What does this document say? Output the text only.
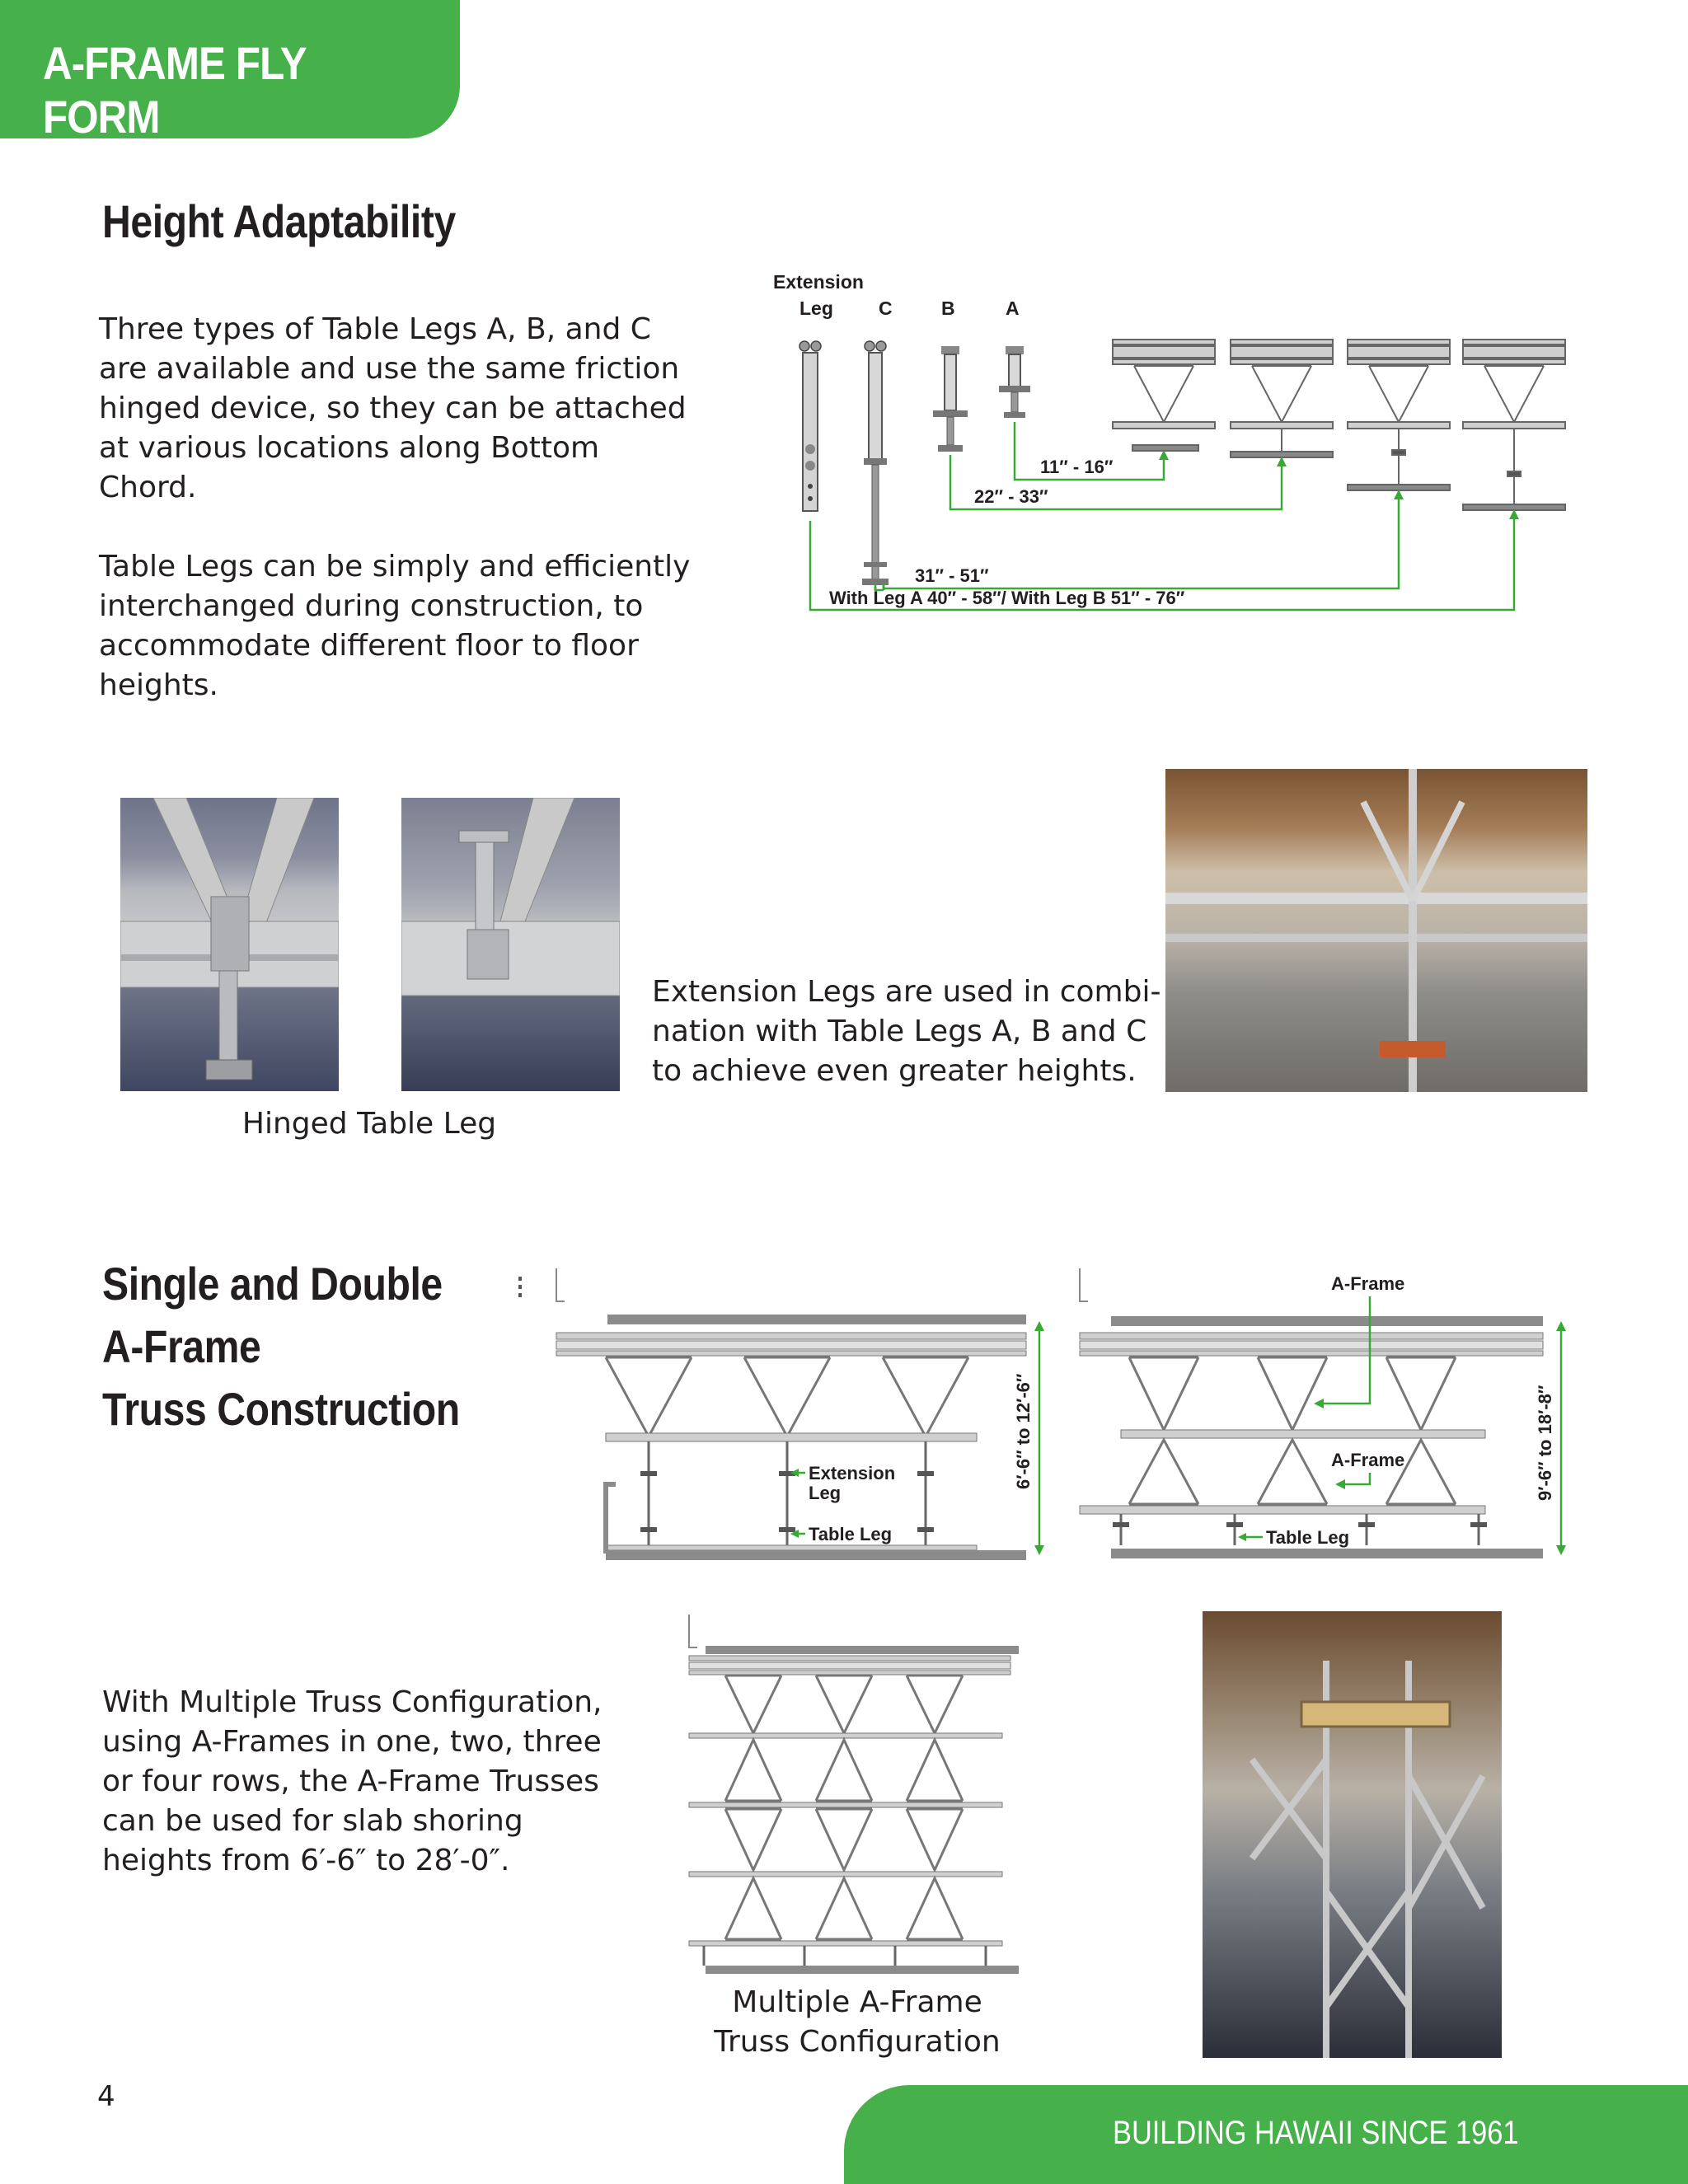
A-FRAME FLY FORM
Height Adaptability
Three types of Table Legs A, B, and C
are available and use the same friction
hinged device, so they can be attached
at various locations along Bottom
Chord.
Table Legs can be simply and efficiently
interchanged during construction, to
accommodate different floor to floor
heights.
Extension
Leg C	B	A
11″ - 16″
22″ - 33″
31″ - 51″
With Leg A 40″ - 58″/ With Leg B 51″ - 76″
Hinged Table Leg
Extension Legs are used in combi-
nation with Table Legs A, B and C
to achieve even greater heights.
Single and Double
A-Frame
Truss Construction
With Multiple Truss Configuration,
using A-Frames in one, two, three
or four rows, the A-Frame Trusses
can be used for slab shoring
heights from 6′-6″ to 28′-0″.
6′-6″ to 12′-6″
Extension
Leg
Table Leg
9′-6″ to 18′-8″
A-Frame
A-Frame
Table Leg
Multiple A-Frame
Truss Configuration
4
BUILDING HAWAII SINCE 1961
